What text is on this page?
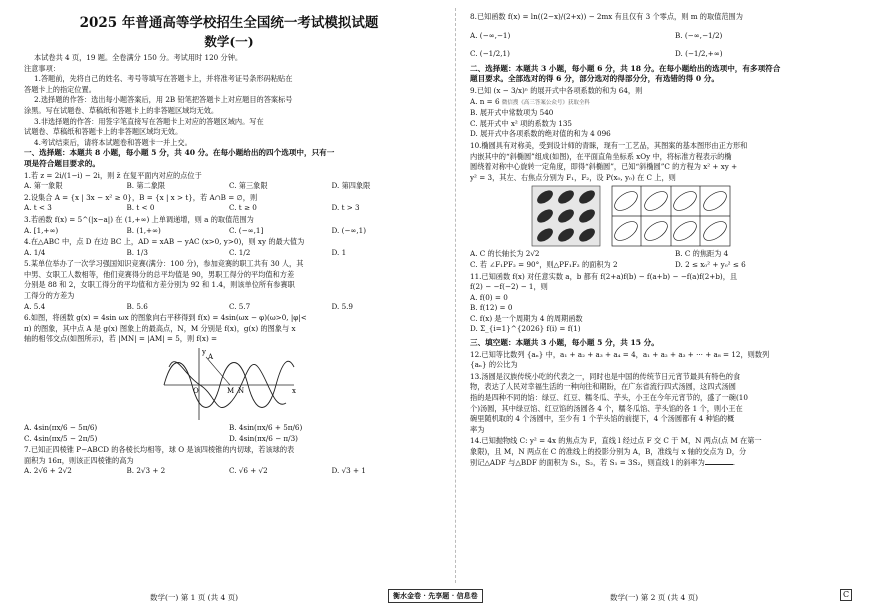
2025 年普通高等学校招生全国统一考试模拟试题
数学(一)

本试卷共 4 页，19 题。全卷满分 150 分。考试用时 120 分钟。

注意事项：

1.答题前，先将自己的姓名、考号等填写在答题卡上，并将准考证号条形码粘贴在

答题卡上的指定位置。

2.选择题的作答：选出每小题答案后，用 2B 铅笔把答题卡上对应题目的答案标号

涂黑。写在试题卷、草稿纸和答题卡上的非答题区域均无效。

3.非选择题的作答：用签字笔直接写在答题卡上对应的答题区域内。写在

试题卷、草稿纸和答题卡上的非答题区域均无效。

4.考试结束后，请将本试题卷和答题卡一并上交。

一、选择题：本题共 8 小题，每小题 5 分，共 40 分。在每小题给出的四个选项中，只有一

项是符合题目要求的。

1.若 z = 2i/(1−i) − 2i，则 z̄ 在复平面内对应的点位于

A. 第一象限	B. 第二象限	C. 第三象限	D. 第四象限

2.设集合 A = {x | 3x − x² ≥ 0}，B = {x | x > t}，若 A∩B = ∅，则

A. t < 3	B. t < 0	C. t ≥ 0	D. t > 3

3.若函数 f(x) = 5^(|x−a|) 在 (1,+∞) 上单调递增，则 a 的取值范围为

A. [1,+∞)	B. (1,+∞)	C. (−∞,1]	D. (−∞,1)

4.在△ABC 中，点 D 在边 BC 上，AD = xAB − yAC (x>0, y>0)，则 xy 的最大值为

A. 1/4	B. 1/3	C. 1/2	D. 1

5.某单位举办了一次学习强国知识竞赛(满分：100 分)，参加竞赛的职工共有 30 人，其

中男、女职工人数相等，他们竞赛得分的总平均值是 90，男职工得分的平均值和方差

分别是 88 和 2，女职工得分的平均值和方差分别为 92 和 1.4，则该单位所有参赛职

工得分的方差为

A. 5.4	B. 5.6	C. 5.7	D. 5.9

6.如图，将函数 g(x) = 4sin ωx 的图象向右平移得到 f(x) = 4sin(ωx − φ)(ω>0, |φ|<

π) 的图象，其中点 A 是 g(x) 图象上的最高点，N，M 分别是 f(x)，g(x) 的图象与 x

轴的相邻交点(如图所示)，若 |MN| = |AM| = 5，则 f(x) =

y
x
O
A
M N
A. 4sin(πx/6 − 5π/6)	B. 4sin(πx/6 + 5π/6)
C. 4sin(πx/5 − 2π/5)	D. 4sin(πx/6 − π/3)

7.已知正四棱锥 P−ABCD 的各棱长均相等，球 O 是该四棱锥的内切球，若该球的表

面积为 16π，则该正四棱锥的高为

A. 2√6 + 2√2	B. 2√3 + 2	C. √6 + √2	D. √3 + 1

8.已知函数 f(x) = ln((2−x)/(2+x)) − 2mx 有且仅有 3 个零点，则 m 的取值范围为

A. (−∞,−1)	B. (−∞,−1/2)
C. (−1/2,1)	D. (−1/2,+∞)

二、选择题：本题共 3 小题，每小题 6 分，共 18 分。在每小题给出的选项中，有多项符合

题目要求。全部选对的得 6 分，部分选对的得部分分，有选错的得 0 分。

9.已知 (x − 3/x)ⁿ 的展开式中各项系数的和为 64，则

A. n = 6 微信搜《高三答案公众号》获取全科

B. 展开式中常数项为 540

C. 展开式中 x² 项的系数为 135

D. 展开式中各项系数的绝对值的和为 4 096

10.椭圆具有对称美，受到设计师的青睐，现有一工艺品，其图案的基本图形由正方形和

内嵌其中的“斜椭圆”组成(如图)，在平面直角坐标系 xOy 中，将标准方程表示的椭

圆绕着对称中心旋转一定角度，即得“斜椭圆”，已知“斜椭圆”C 的方程为 x² + xy +

y² = 3，其左、右焦点分别为 F₁，F₂，设 P(x₀, y₀) 在 C 上，则

A. C 的长轴长为 2√2	B. C 的焦距为 4
C. 若 ∠F₁PF₂ = 90°，则△PF₁F₂ 的面积为 2	D. 2 ≤ x₀² + y₀² ≤ 6

11.已知函数 f(x) 对任意实数 a，b 都有 f(2+a)f(b) − f(a+b) − −f(a)f(2+b)，且

f(2) − −f(−2) − 1，则

A. f(0) = 0

B. f(12) = 0

C. f(x) 是一个周期为 4 的周期函数

D. Σ_{i=1}^{2026} f(i) = f(1)

三、填空题：本题共 3 小题，每小题 5 分，共 15 分。

12.已知等比数列 {aₙ} 中，a₁ + a₂ + a₃ + a₄ = 4，a₁ + a₂ + a₃ + ··· + a₈ = 12，则数列

{aₙ} 的公比为

13.汤圆是汉族传统小吃的代表之一，同时也是中国的传统节日元宵节最具有特色的食

物，表达了人民对幸福生活的一种向往和期盼，在广东省流行四式汤圆，这四式汤圆

指的是四种不同的馅：绿豆、红豆、糯冬瓜、芋头，小王在今年元宵节的，盛了一碗(10

个)汤圆，其中绿豆馅、红豆馅的汤圆各 4 个，糯冬瓜馅、芋头馅的各 1 个，则小王在

碗里随机取的 4 个汤圆中，至少有 1 个芋头馅的前提下，4 个汤圆都有 4 种馅的概

率为

14.已知抛物线 C: y² = 4x 的焦点为 F，直线 l 经过点 F 交 C 于 M，N 两点(点 M 在第一

象限)，且 M，N 两点在 C 的准线上的投影分别为 A，B，准线与 x 轴的交点为 D，分

别记△ADF 与△BDF 的面积为 S₁，S₂，若 S₁ = 3S₂，则直线 l 的斜率为	.

数学(一) 第 1 页 (共 4 页)	衡水金卷 · 先享题 · 信息卷	数学(一) 第 2 页 (共 4 页)	C
